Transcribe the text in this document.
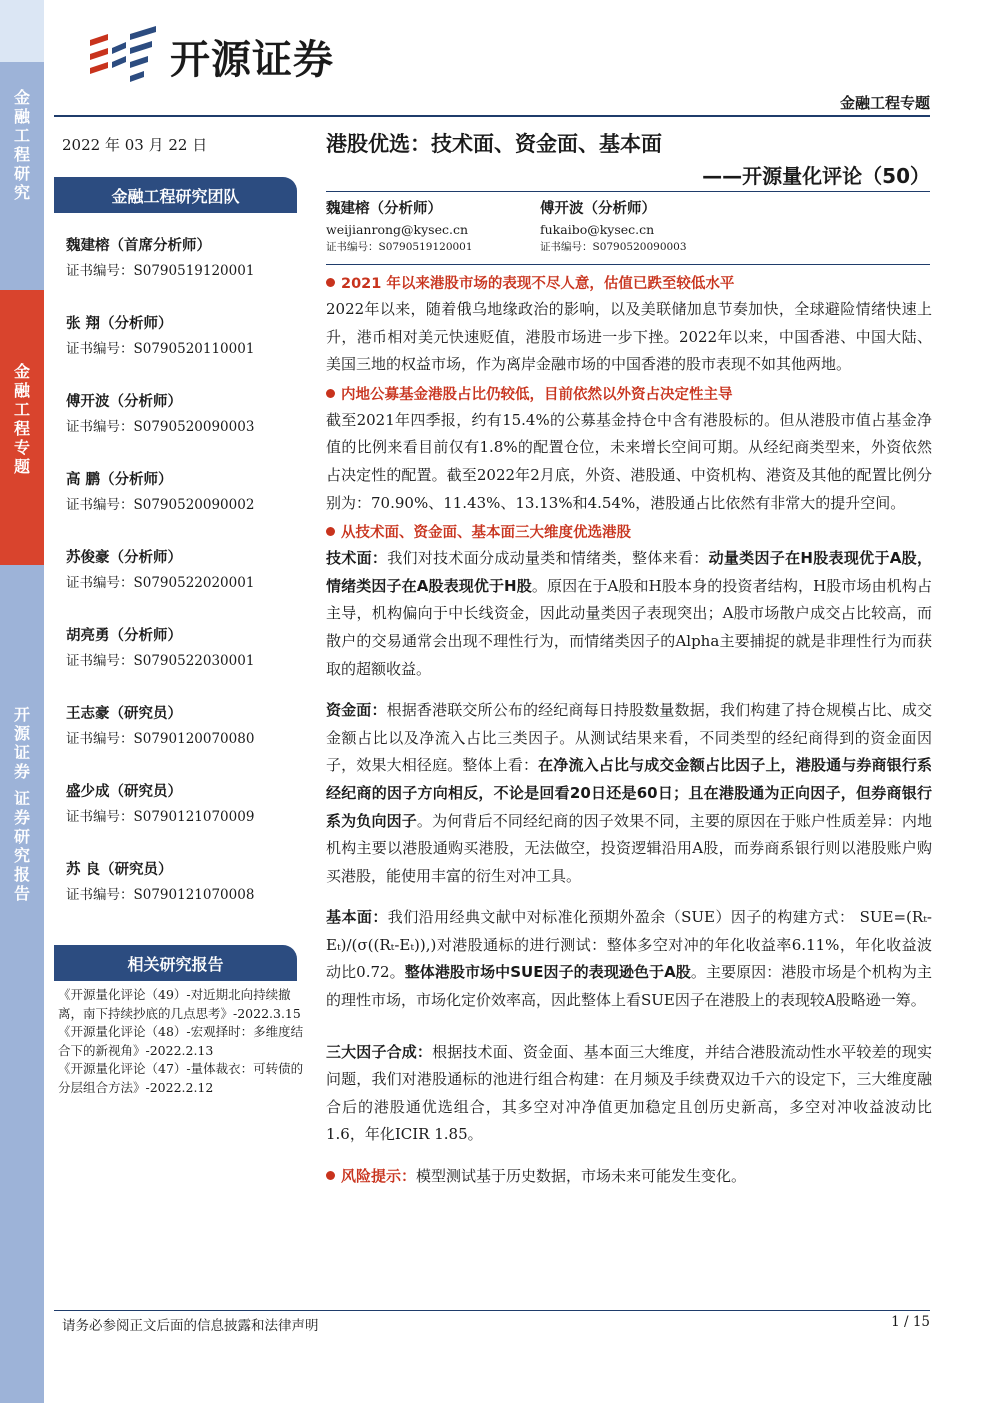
金
融
工
程
研
究
金
融
工
程
专
题
开
源
证
券

证
券
研
究
报
告
开源证券
金融工程专题
2022 年 03 月 22 日
金融工程研究团队
魏建榕（首席分析师）
证书编号：S0790519120001
张 翔（分析师）
证书编号：S0790520110001
傅开波（分析师）
证书编号：S0790520090003
高 鹏（分析师）
证书编号：S0790520090002
苏俊豪（分析师）
证书编号：S0790522020001
胡亮勇（分析师）
证书编号：S0790522030001
王志豪（研究员）
证书编号：S0790120070080
盛少成（研究员）
证书编号：S0790121070009
苏 良（研究员）
证书编号：S0790121070008
相关研究报告

《开源量化评论（49）-对近期北向持续撤离，南下持续抄底的几点思考》-2022.3.15

《开源量化评论（48）-宏观择时：多维度结合下的新视角》-2022.2.13

《开源量化评论（47）-量体裁衣：可转债的分层组合方法》-2022.2.12

港股优选：技术面、资金面、基本面
——开源量化评论（50）
魏建榕（分析师）
weijianrong@kysec.cn
证书编号：S0790519120001
傅开波（分析师）
fukaibo@kysec.cn
证书编号：S0790520090003
2021 年以来港股市场的表现不尽人意，估值已跌至较低水平

2022年以来，随着俄乌地缘政治的影响，以及美联储加息节奏加快，全球避险情绪快速上升，港币相对美元快速贬值，港股市场进一步下挫。2022年以来，中国香港、中国大陆、美国三地的权益市场，作为离岸金融市场的中国香港的股市表现不如其他两地。

内地公募基金港股占比仍较低，目前依然以外资占决定性主导

截至2021年四季报，约有15.4%的公募基金持仓中含有港股标的。但从港股市值占基金净值的比例来看目前仅有1.8%的配置仓位，未来增长空间可期。从经纪商类型来，外资依然占决定性的配置。截至2022年2月底，外资、港股通、中资机构、港资及其他的配置比例分别为：70.90%、11.43%、13.13%和4.54%，港股通占比依然有非常大的提升空间。

从技术面、资金面、基本面三大维度优选港股

技术面：我们对技术面分成动量类和情绪类，整体来看：动量类因子在H股表现优于A股，情绪类因子在A股表现优于H股。原因在于A股和H股本身的投资者结构，H股市场由机构占主导，机构偏向于中长线资金，因此动量类因子表现突出；A股市场散户成交占比较高，而散户的交易通常会出现不理性行为，而情绪类因子的Alpha主要捕捉的就是非理性行为而获取的超额收益。

资金面：根据香港联交所公布的经纪商每日持股数量数据，我们构建了持仓规模占比、成交金额占比以及净流入占比三类因子。从测试结果来看，不同类型的经纪商得到的资金面因子，效果大相径庭。整体上看：在净流入占比与成交金额占比因子上，港股通与券商银行系经纪商的因子方向相反，不论是回看20日还是60日；且在港股通为正向因子，但券商银行系为负向因子。为何背后不同经纪商的因子效果不同，主要的原因在于账户性质差异：内地机构主要以港股通购买港股，无法做空，投资逻辑沿用A股，而券商系银行则以港股账户购买港股，能使用丰富的衍生对冲工具。

基本面：我们沿用经典文献中对标准化预期外盈余（SUE）因子的构建方式： SUE=(Rₜ-Eₜ)/(σ((Rₜ-Eₜ)),)对港股通标的进行测试：整体多空对冲的年化收益率6.11%，年化收益波动比0.72。整体港股市场中SUE因子的表现逊色于A股。主要原因：港股市场是个机构为主的理性市场，市场化定价效率高，因此整体上看SUE因子在港股上的表现较A股略逊一筹。

三大因子合成：根据技术面、资金面、基本面三大维度，并结合港股流动性水平较差的现实问题，我们对港股通标的池进行组合构建：在月频及手续费双边千六的设定下，三大维度融合后的港股通优选组合，其多空对冲净值更加稳定且创历史新高，多空对冲收益波动比1.6，年化ICIR 1.85。

风险提示：模型测试基于历史数据，市场未来可能发生变化。

请务必参阅正文后面的信息披露和法律声明	1 / 15
